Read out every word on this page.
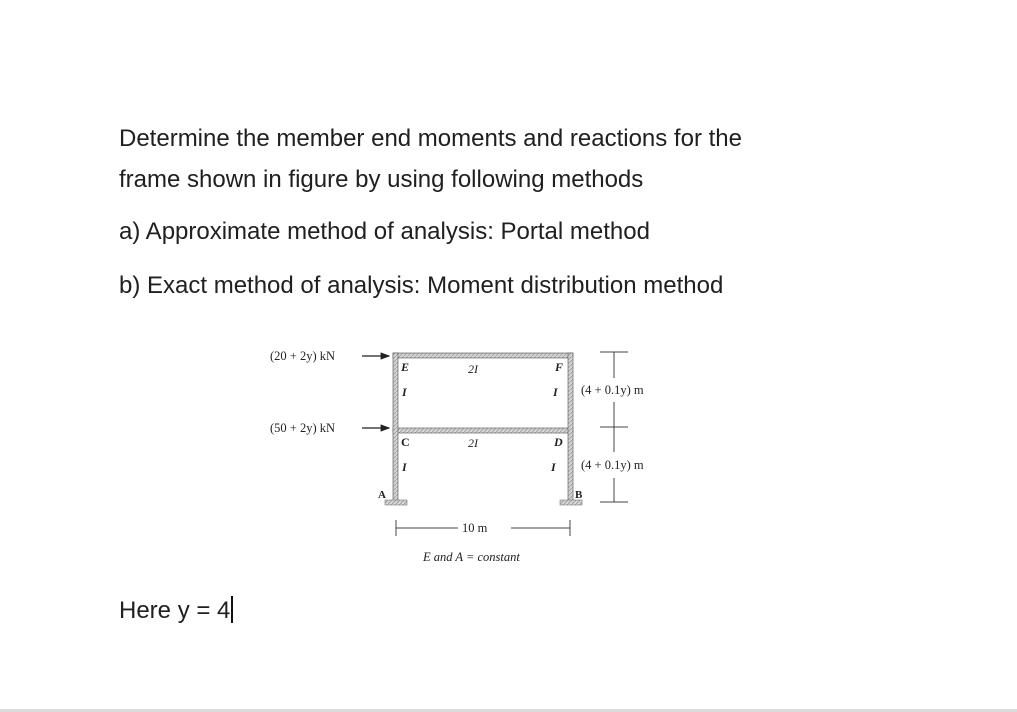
Determine the member end moments and reactions for the
frame shown in figure by using following methods
a) Approximate method of analysis: Portal method
b) Exact method of analysis: Moment distribution method
(20 + 2y) kN
(50 + 2y) kN
E	F
C	D
A	B
2I
2I
I	I
I	I
(4 + 0.1y) m
(4 + 0.1y) m
10 m
E and A = constant
Here y = 4
